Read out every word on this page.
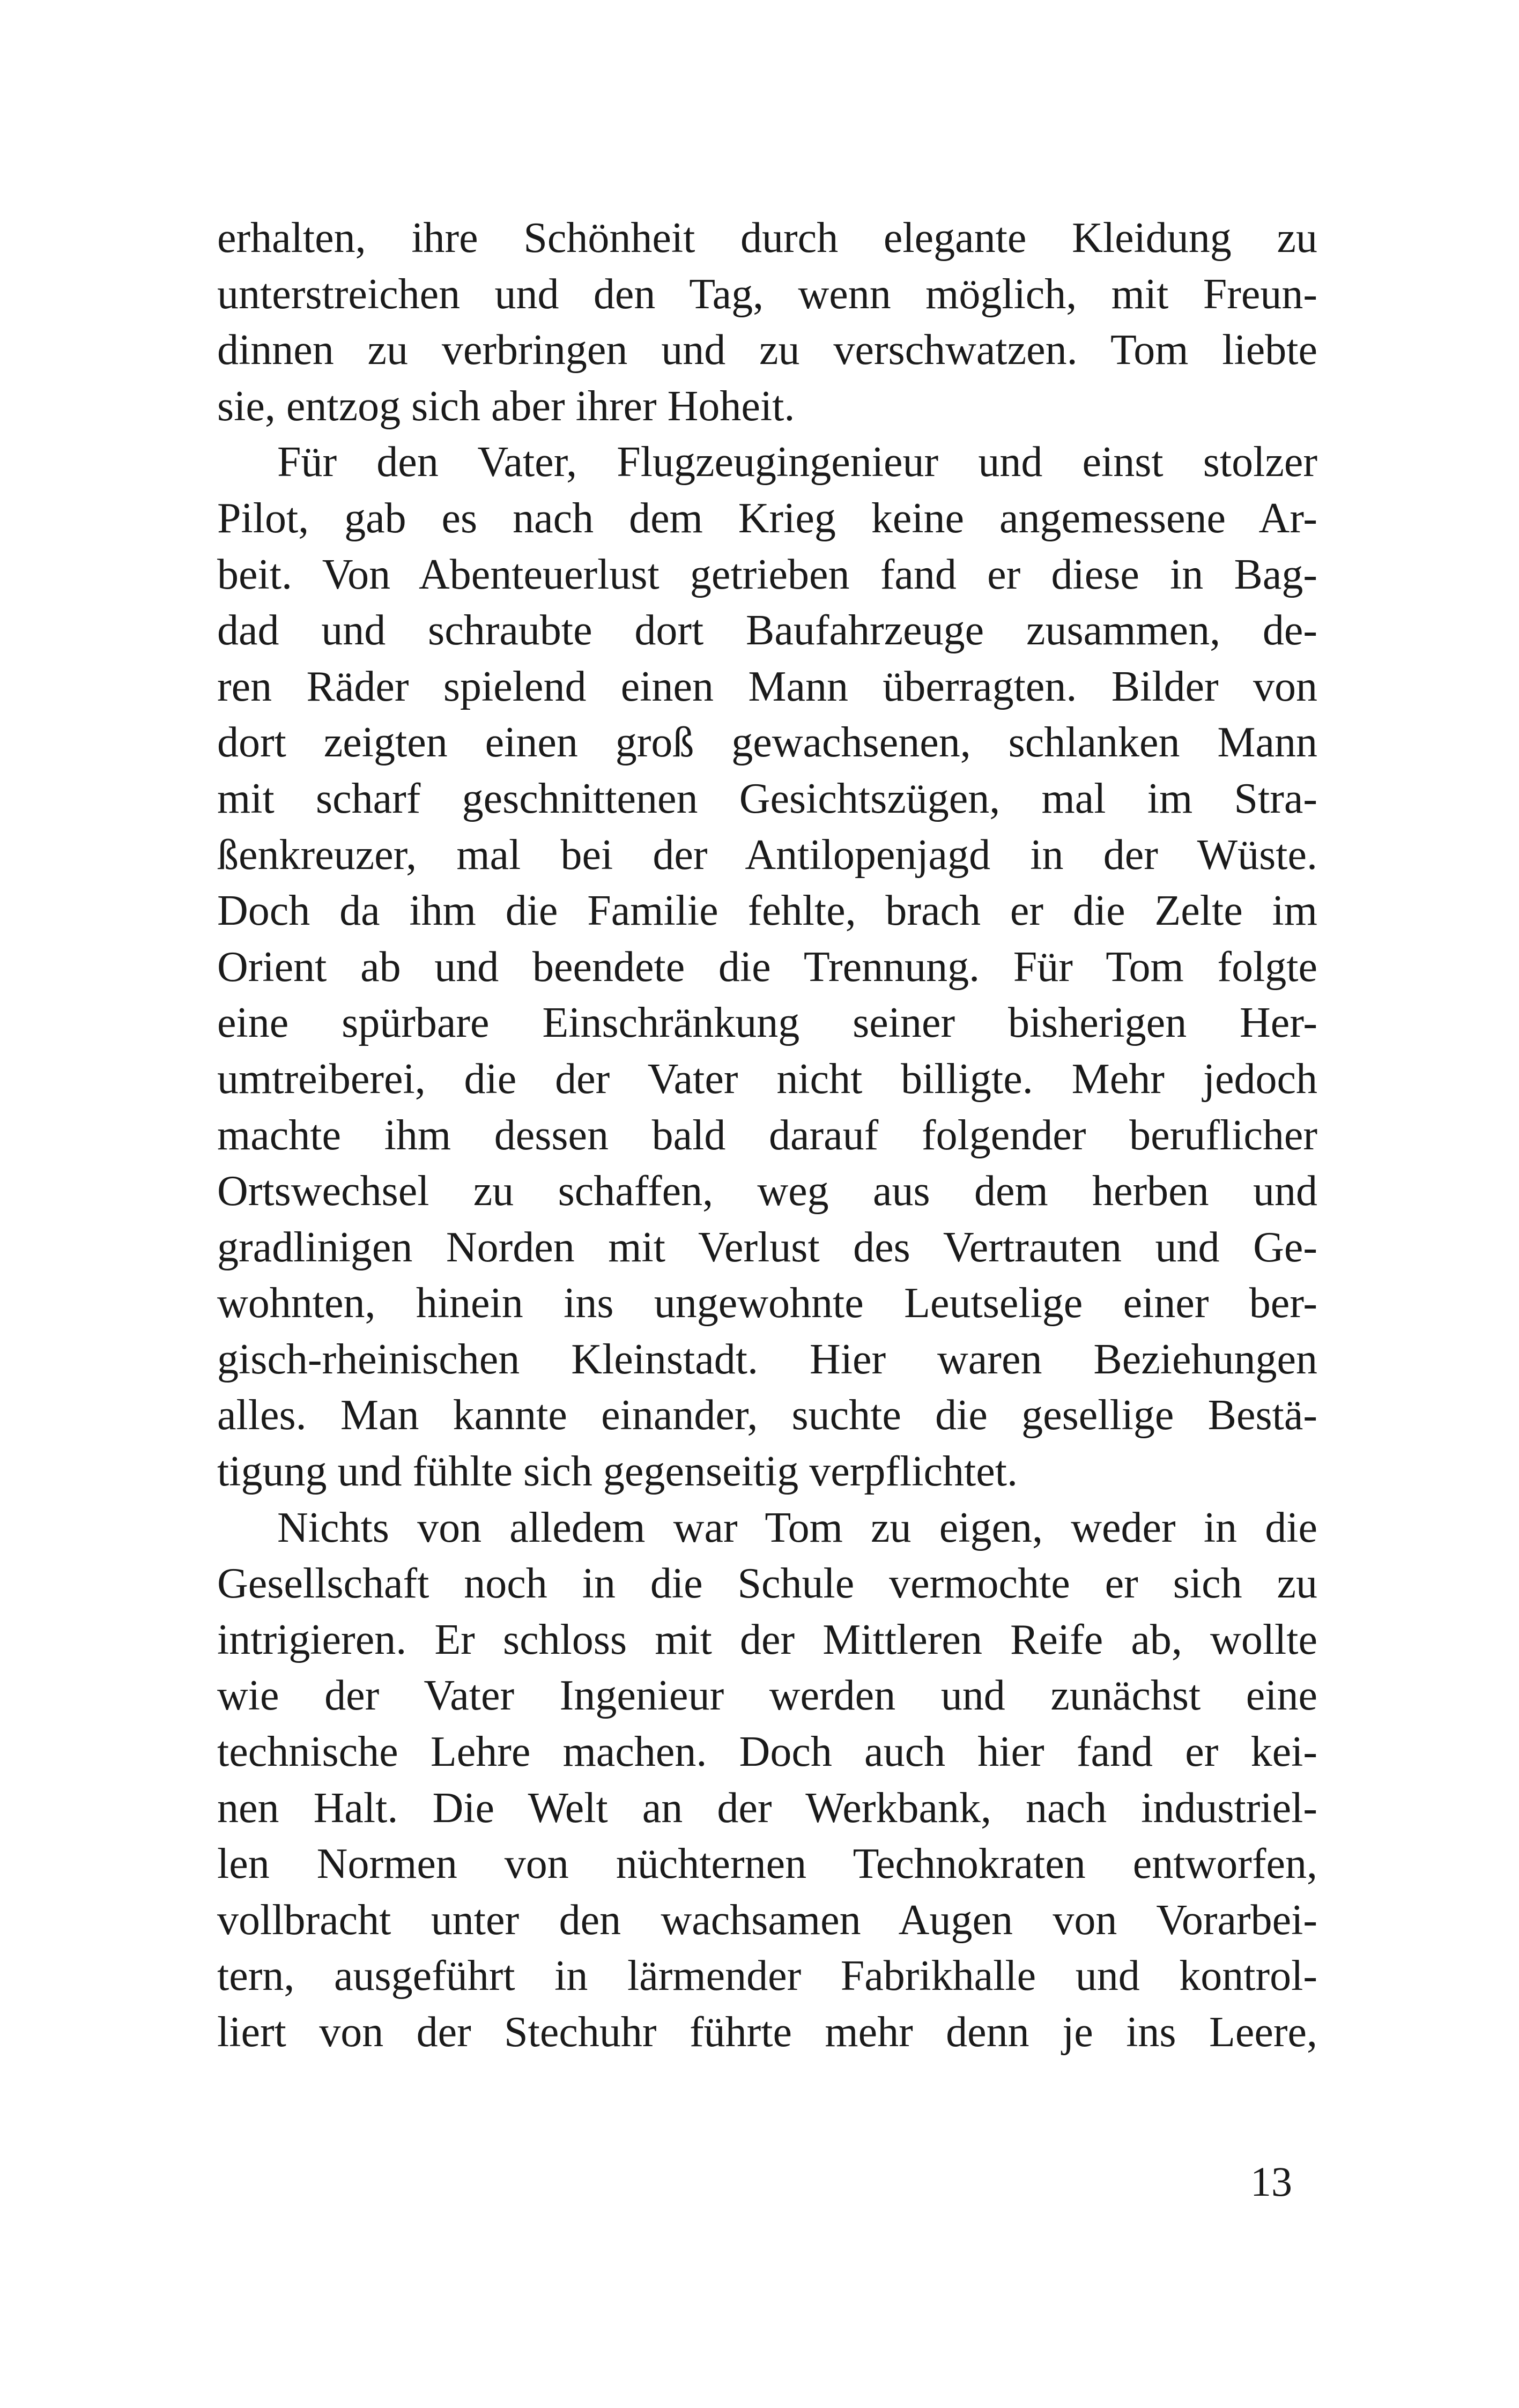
erhalten, ihre Schönheit durch elegante Kleidung zu
unterstreichen und den Tag, wenn möglich, mit Freun-
dinnen zu verbringen und zu verschwatzen. Tom liebte
sie, entzog sich aber ihrer Hoheit.
Für den Vater, Flugzeugingenieur und einst stolzer
Pilot, gab es nach dem Krieg keine angemessene Ar-
beit. Von Abenteuerlust getrieben fand er diese in Bag-
dad und schraubte dort Baufahrzeuge zusammen, de-
ren Räder spielend einen Mann überragten. Bilder von
dort zeigten einen groß gewachsenen, schlanken Mann
mit scharf geschnittenen Gesichtszügen, mal im Stra-
ßenkreuzer, mal bei der Antilopenjagd in der Wüste.
Doch da ihm die Familie fehlte, brach er die Zelte im
Orient ab und beendete die Trennung. Für Tom folgte
eine spürbare Einschränkung seiner bisherigen Her-
umtreiberei, die der Vater nicht billigte. Mehr jedoch
machte ihm dessen bald darauf folgender beruflicher
Ortswechsel zu schaffen, weg aus dem herben und
gradlinigen Norden mit Verlust des Vertrauten und Ge-
wohnten, hinein ins ungewohnte Leutselige einer ber-
gisch-rheinischen Kleinstadt. Hier waren Beziehungen
alles. Man kannte einander, suchte die gesellige Bestä-
tigung und fühlte sich gegenseitig verpflichtet.
Nichts von alledem war Tom zu eigen, weder in die
Gesellschaft noch in die Schule vermochte er sich zu
intrigieren. Er schloss mit der Mittleren Reife ab, wollte
wie der Vater Ingenieur werden und zunächst eine
technische Lehre machen. Doch auch hier fand er kei-
nen Halt. Die Welt an der Werkbank, nach industriel-
len Normen von nüchternen Technokraten entworfen,
vollbracht unter den wachsamen Augen von Vorarbei-
tern, ausgeführt in lärmender Fabrikhalle und kontrol-
liert von der Stechuhr führte mehr denn je ins Leere,
13
